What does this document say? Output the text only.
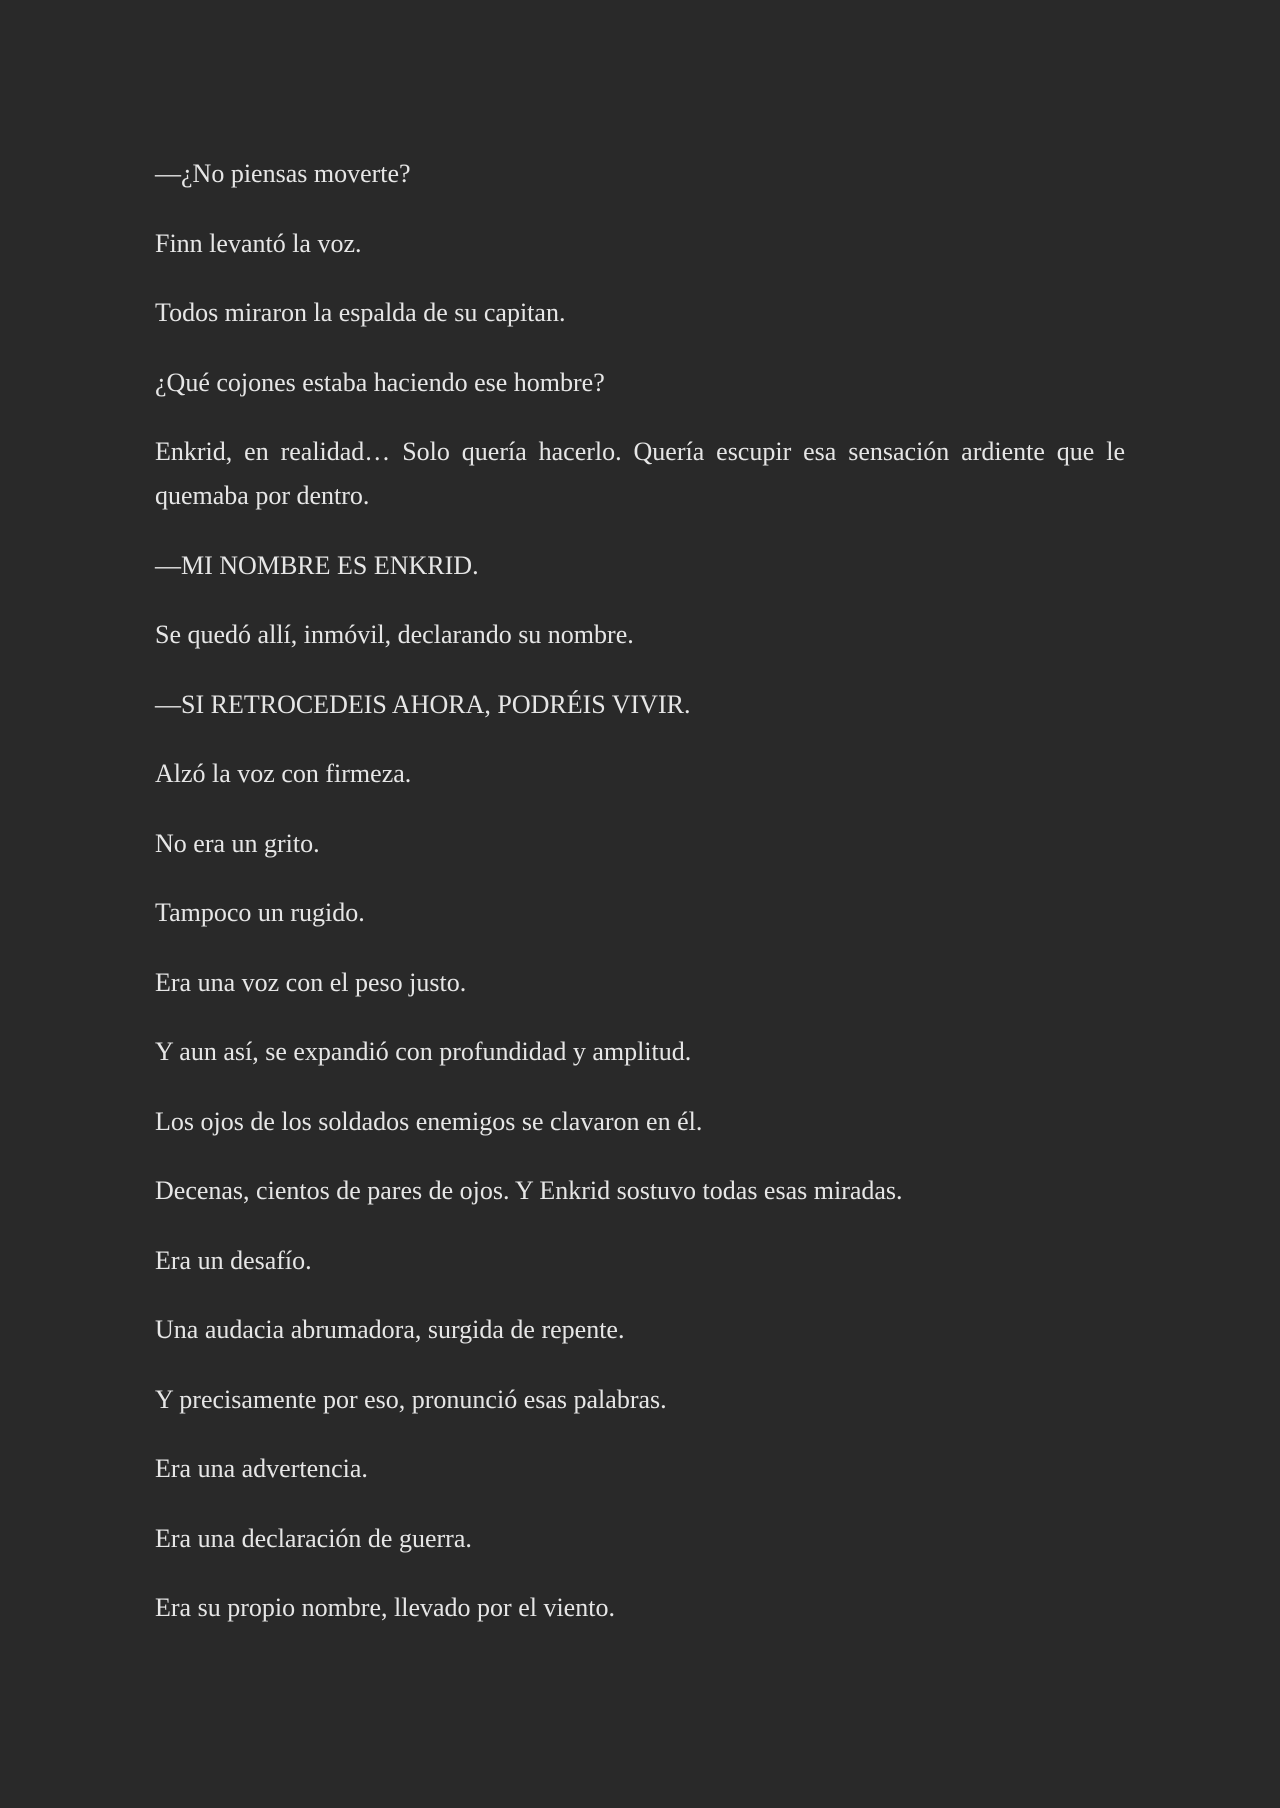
—¿No piensas moverte?

Finn levantó la voz.

Todos miraron la espalda de su capitan.

¿Qué cojones estaba haciendo ese hombre?

Enkrid, en realidad… Solo quería hacerlo. Quería escupir esa sensación ardiente que le quemaba por dentro.

—MI NOMBRE ES ENKRID.

Se quedó allí, inmóvil, declarando su nombre.

—SI RETROCEDEIS AHORA, PODRÉIS VIVIR.

Alzó la voz con firmeza.

No era un grito.

Tampoco un rugido.

Era una voz con el peso justo.

Y aun así, se expandió con profundidad y amplitud.

Los ojos de los soldados enemigos se clavaron en él.

Decenas, cientos de pares de ojos. Y Enkrid sostuvo todas esas miradas.

Era un desafío.

Una audacia abrumadora, surgida de repente.

Y precisamente por eso, pronunció esas palabras.

Era una advertencia.

Era una declaración de guerra.

Era su propio nombre, llevado por el viento.
